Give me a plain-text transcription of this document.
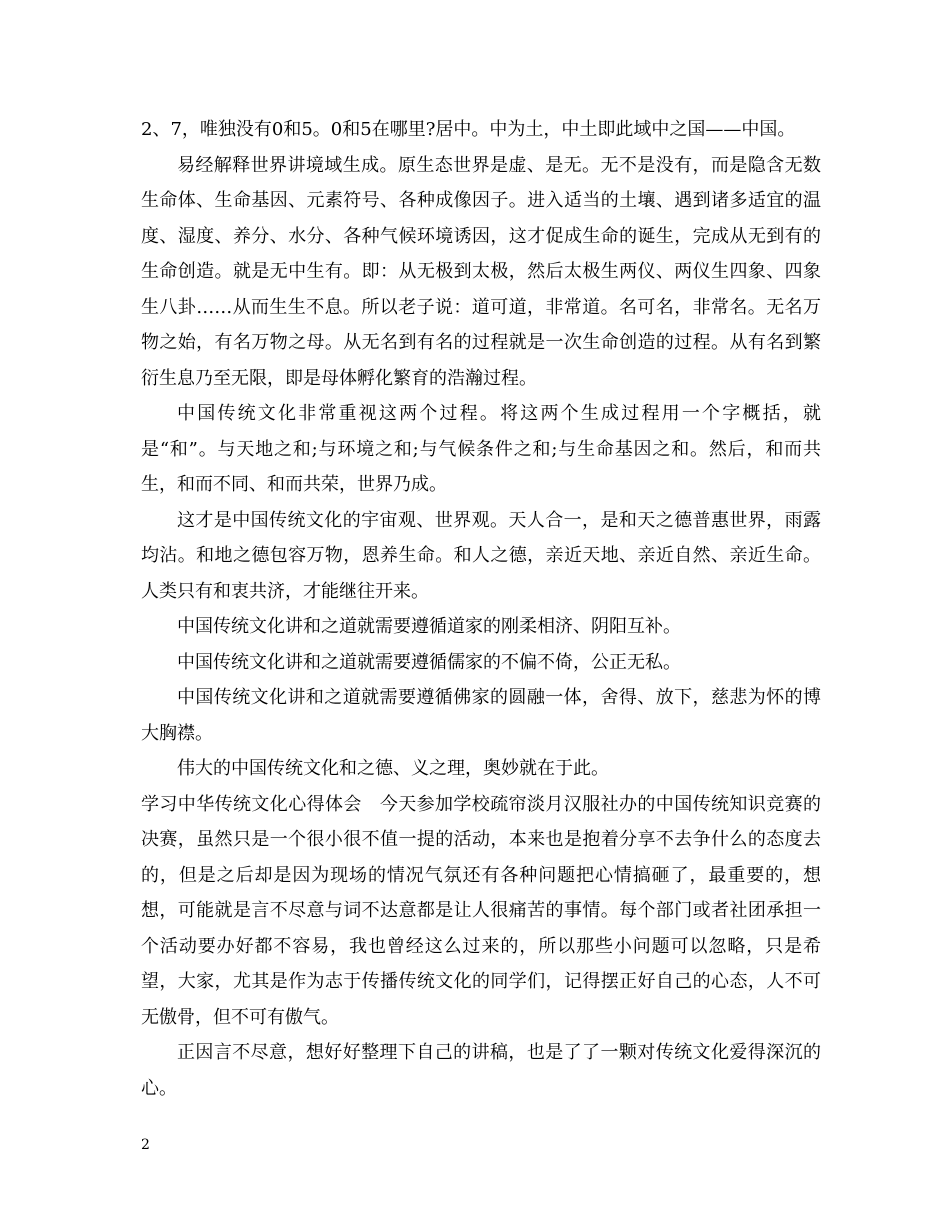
2、7，唯独没有0和5。0和5在哪里?居中。中为土，中土即此域中之国——中国。

易经解释世界讲境域生成。原生态世界是虚、是无。无不是没有，而是隐含无数生命体、生命基因、元素符号、各种成像因子。进入适当的土壤、遇到诸多适宜的温度、湿度、养分、水分、各种气候环境诱因，这才促成生命的诞生，完成从无到有的生命创造。就是无中生有。即：从无极到太极，然后太极生两仪、两仪生四象、四象生八卦……从而生生不息。所以老子说：道可道，非常道。名可名，非常名。无名万物之始，有名万物之母。从无名到有名的过程就是一次生命创造的过程。从有名到繁衍生息乃至无限，即是母体孵化繁育的浩瀚过程。

中国传统文化非常重视这两个过程。将这两个生成过程用一个字概括，就是“和”。与天地之和;与环境之和;与气候条件之和;与生命基因之和。然后，和而共生，和而不同、和而共荣，世界乃成。

这才是中国传统文化的宇宙观、世界观。天人合一，是和天之德普惠世界，雨露均沾。和地之德包容万物，恩养生命。和人之德，亲近天地、亲近自然、亲近生命。人类只有和衷共济，才能继往开来。

中国传统文化讲和之道就需要遵循道家的刚柔相济、阴阳互补。

中国传统文化讲和之道就需要遵循儒家的不偏不倚，公正无私。

中国传统文化讲和之道就需要遵循佛家的圆融一体，舍得、放下，慈悲为怀的博大胸襟。

伟大的中国传统文化和之德、义之理，奥妙就在于此。

学习中华传统文化心得体会 今天参加学校疏帘淡月汉服社办的中国传统知识竞赛的决赛，虽然只是一个很小很不值一提的活动，本来也是抱着分享不去争什么的态度去的，但是之后却是因为现场的情况气氛还有各种问题把心情搞砸了，最重要的，想想，可能就是言不尽意与词不达意都是让人很痛苦的事情。每个部门或者社团承担一个活动要办好都不容易，我也曾经这么过来的，所以那些小问题可以忽略，只是希望，大家，尤其是作为志于传播传统文化的同学们，记得摆正好自己的心态，人不可无傲骨，但不可有傲气。

正因言不尽意，想好好整理下自己的讲稿，也是了了一颗对传统文化爱得深沉的心。

2
